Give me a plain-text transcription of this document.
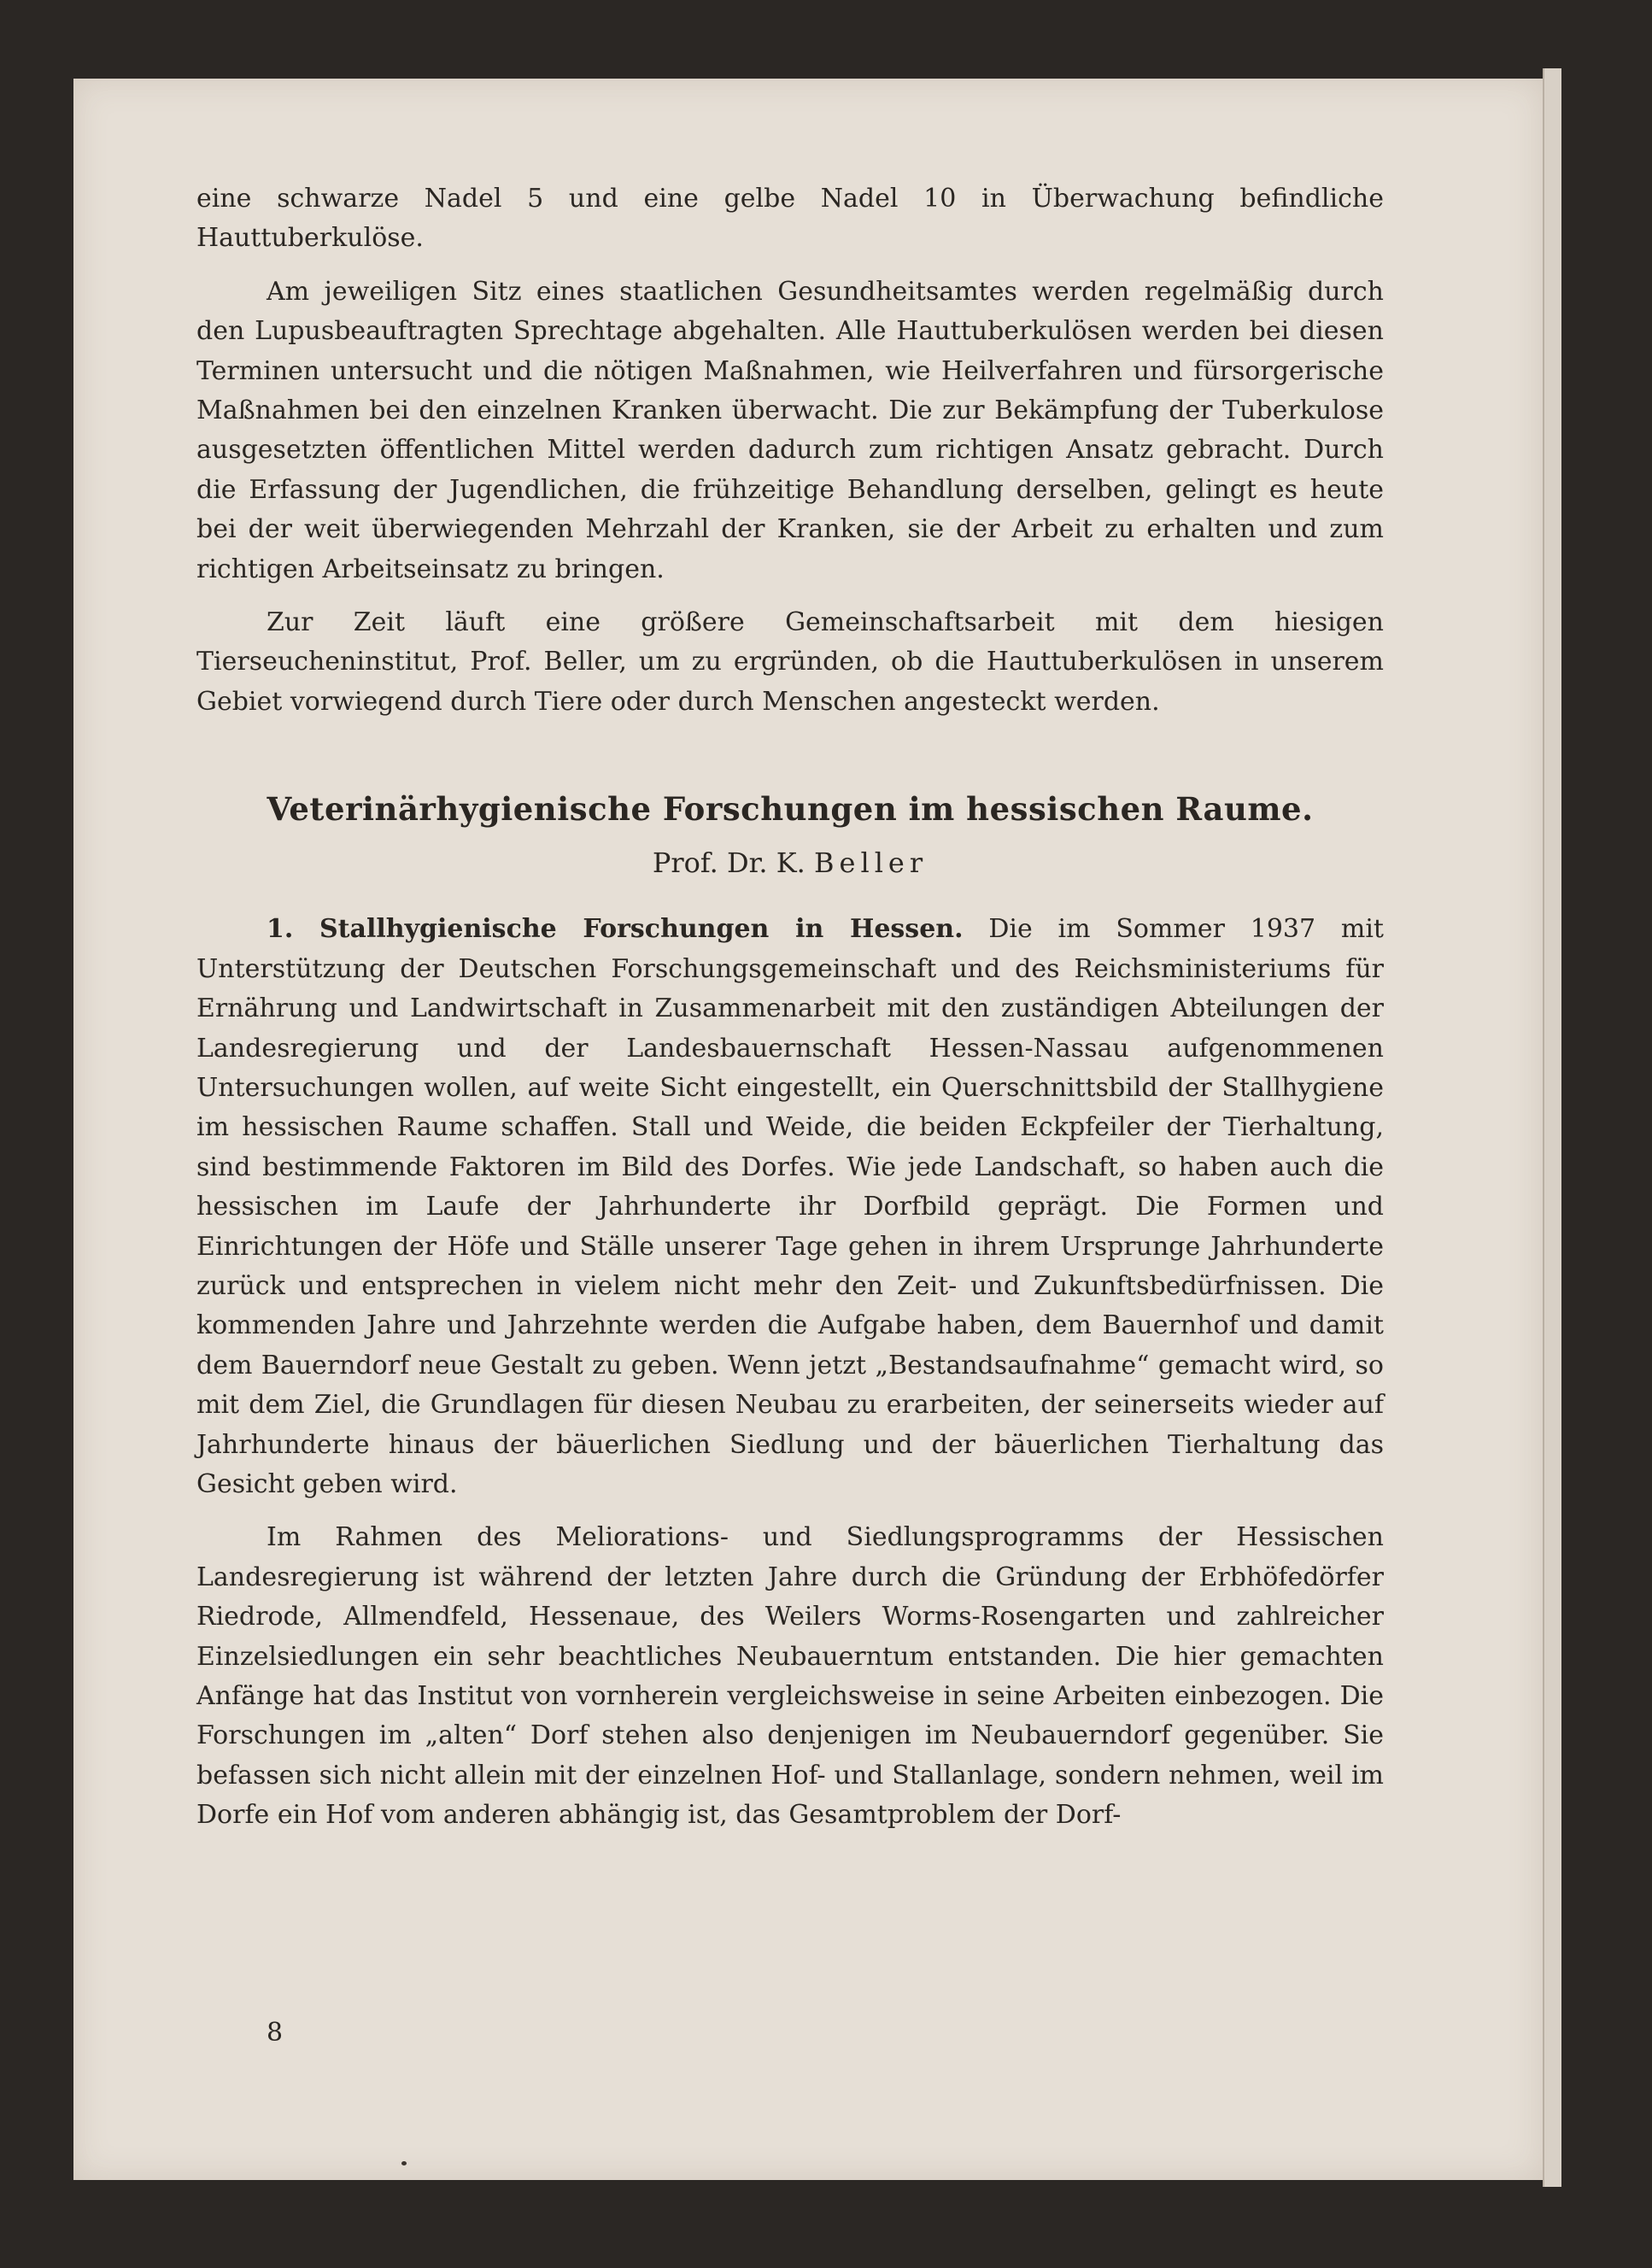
eine schwarze Nadel 5 und eine gelbe Nadel 10 in Überwachung befindliche Hauttuberkulöse.

Am jeweiligen Sitz eines staatlichen Gesundheitsamtes werden regelmäßig durch den Lupusbeauftragten Sprechtage abgehalten. Alle Hauttuberkulösen werden bei diesen Terminen untersucht und die nötigen Maßnahmen, wie Heilverfahren und fürsorgerische Maßnahmen bei den einzelnen Kranken überwacht. Die zur Bekämpfung der Tuberkulose ausgesetzten öffentlichen Mittel werden dadurch zum richtigen Ansatz gebracht. Durch die Erfassung der Jugendlichen, die frühzeitige Behandlung derselben, gelingt es heute bei der weit überwiegenden Mehrzahl der Kranken, sie der Arbeit zu erhalten und zum richtigen Arbeitseinsatz zu bringen.

Zur Zeit läuft eine größere Gemeinschaftsarbeit mit dem hiesigen Tierseucheninstitut, Prof. Beller, um zu ergründen, ob die Hauttuberkulösen in unserem Gebiet vorwiegend durch Tiere oder durch Menschen angesteckt werden.

Veterinärhygienische Forschungen im hessischen Raume.
Prof. Dr. K. Beller

1. Stallhygienische Forschungen in Hessen. Die im Sommer 1937 mit Unterstützung der Deutschen Forschungsgemeinschaft und des Reichsministeriums für Ernährung und Landwirtschaft in Zusammenarbeit mit den zuständigen Abteilungen der Landesregierung und der Landesbauernschaft Hessen-Nassau aufgenommenen Untersuchungen wollen, auf weite Sicht eingestellt, ein Querschnittsbild der Stallhygiene im hessischen Raume schaffen. Stall und Weide, die beiden Eckpfeiler der Tierhaltung, sind bestimmende Faktoren im Bild des Dorfes. Wie jede Landschaft, so haben auch die hessischen im Laufe der Jahrhunderte ihr Dorfbild geprägt. Die Formen und Einrichtungen der Höfe und Ställe unserer Tage gehen in ihrem Ursprunge Jahrhunderte zurück und entsprechen in vielem nicht mehr den Zeit- und Zukunftsbedürfnissen. Die kommenden Jahre und Jahrzehnte werden die Aufgabe haben, dem Bauernhof und damit dem Bauerndorf neue Gestalt zu geben. Wenn jetzt „Bestandsaufnahme“ gemacht wird, so mit dem Ziel, die Grundlagen für diesen Neubau zu erarbeiten, der seinerseits wieder auf Jahrhunderte hinaus der bäuerlichen Siedlung und der bäuerlichen Tierhaltung das Gesicht geben wird.

Im Rahmen des Meliorations- und Siedlungsprogramms der Hessischen Landesregierung ist während der letzten Jahre durch die Gründung der Erbhöfedörfer Riedrode, Allmendfeld, Hessenaue, des Weilers Worms-Rosengarten und zahlreicher Einzelsiedlungen ein sehr beachtliches Neubauerntum entstanden. Die hier gemachten Anfänge hat das Institut von vornherein vergleichsweise in seine Arbeiten einbezogen. Die Forschungen im „alten“ Dorf stehen also denjenigen im Neubauerndorf gegenüber. Sie befassen sich nicht allein mit der einzelnen Hof- und Stallanlage, sondern nehmen, weil im Dorfe ein Hof vom anderen abhängig ist, das Gesamtproblem der Dorf-

8
